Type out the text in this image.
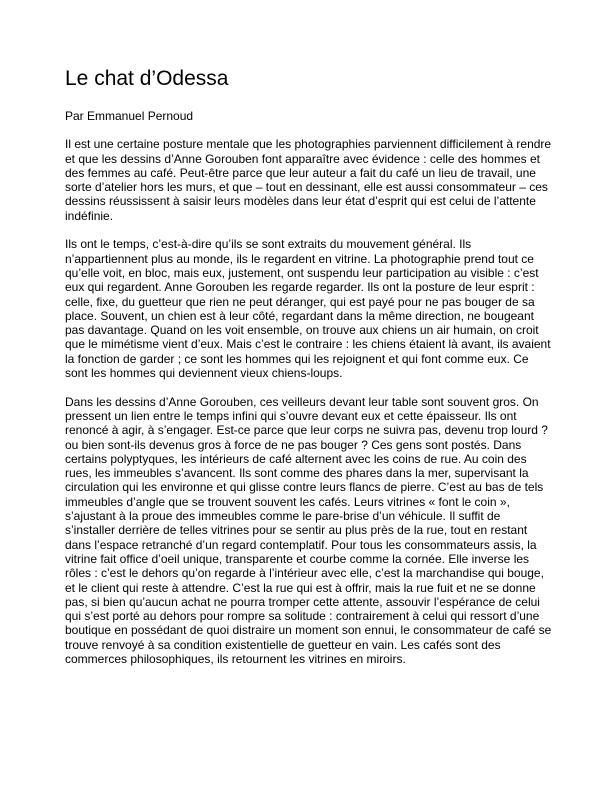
Le chat d’Odessa

Par Emmanuel Pernoud

Il est une certaine posture mentale que les photographies parviennent difficilement à rendre et que les dessins d’Anne Gorouben font apparaître avec évidence : celle des hommes et des femmes au café. Peut-être parce que leur auteur a fait du café un lieu de travail, une sorte d’atelier hors les murs, et que – tout en dessinant, elle est aussi consommateur – ces dessins réussissent à saisir leurs modèles dans leur état d’esprit qui est celui de l’attente indéfinie.

Ils ont le temps, c’est-à-dire qu’ils se sont extraits du mouvement général. Ils n’appartiennent plus au monde, ils le regardent en vitrine. La photographie prend tout ce qu’elle voit, en bloc, mais eux, justement, ont suspendu leur participation au visible : c’est eux qui regardent. Anne Gorouben les regarde regarder. Ils ont la posture de leur esprit : celle, fixe, du guetteur que rien ne peut déranger, qui est payé pour ne pas bouger de sa place. Souvent, un chien est à leur côté, regardant dans la même direction, ne bougeant pas davantage. Quand on les voit ensemble, on trouve aux chiens un air humain, on croit que le mimétisme vient d’eux. Mais c’est le contraire : les chiens étaient là avant, ils avaient la fonction de garder ; ce sont les hommes qui les rejoignent et qui font comme eux. Ce sont les hommes qui deviennent vieux chiens-loups.

Dans les dessins d’Anne Gorouben, ces veilleurs devant leur table sont souvent gros. On pressent un lien entre le temps infini qui s’ouvre devant eux et cette épaisseur. Ils ont renoncé à agir, à s’engager. Est-ce parce que leur corps ne suivra pas, devenu trop lourd ? ou bien sont-ils devenus gros à force de ne pas bouger ? Ces gens sont postés. Dans certains polyptyques, les intérieurs de café alternent avec les coins de rue. Au coin des rues, les immeubles s’avancent. Ils sont comme des phares dans la mer, supervisant la circulation qui les environne et qui glisse contre leurs flancs de pierre. C’est au bas de tels immeubles d’angle que se trouvent souvent les cafés. Leurs vitrines « font le coin », s’ajustant à la proue des immeubles comme le pare-brise d’un véhicule. Il suffit de s’installer derrière de telles vitrines pour se sentir au plus près de la rue, tout en restant dans l’espace retranché d’un regard contemplatif. Pour tous les consommateurs assis, la vitrine fait office d’oeil unique, transparente et courbe comme la cornée. Elle inverse les rôles : c’est le dehors qu’on regarde à l’intérieur avec elle, c’est la marchandise qui bouge, et le client qui reste à attendre. C’est la rue qui est à offrir, mais la rue fuit et ne se donne pas, si bien qu’aucun achat ne pourra tromper cette attente, assouvir l’espérance de celui qui s’est porté au dehors pour rompre sa solitude : contrairement à celui qui ressort d’une boutique en possédant de quoi distraire un moment son ennui, le consommateur de café se trouve renvoyé à sa condition existentielle de guetteur en vain. Les cafés sont des commerces philosophiques, ils retournent les vitrines en miroirs.
